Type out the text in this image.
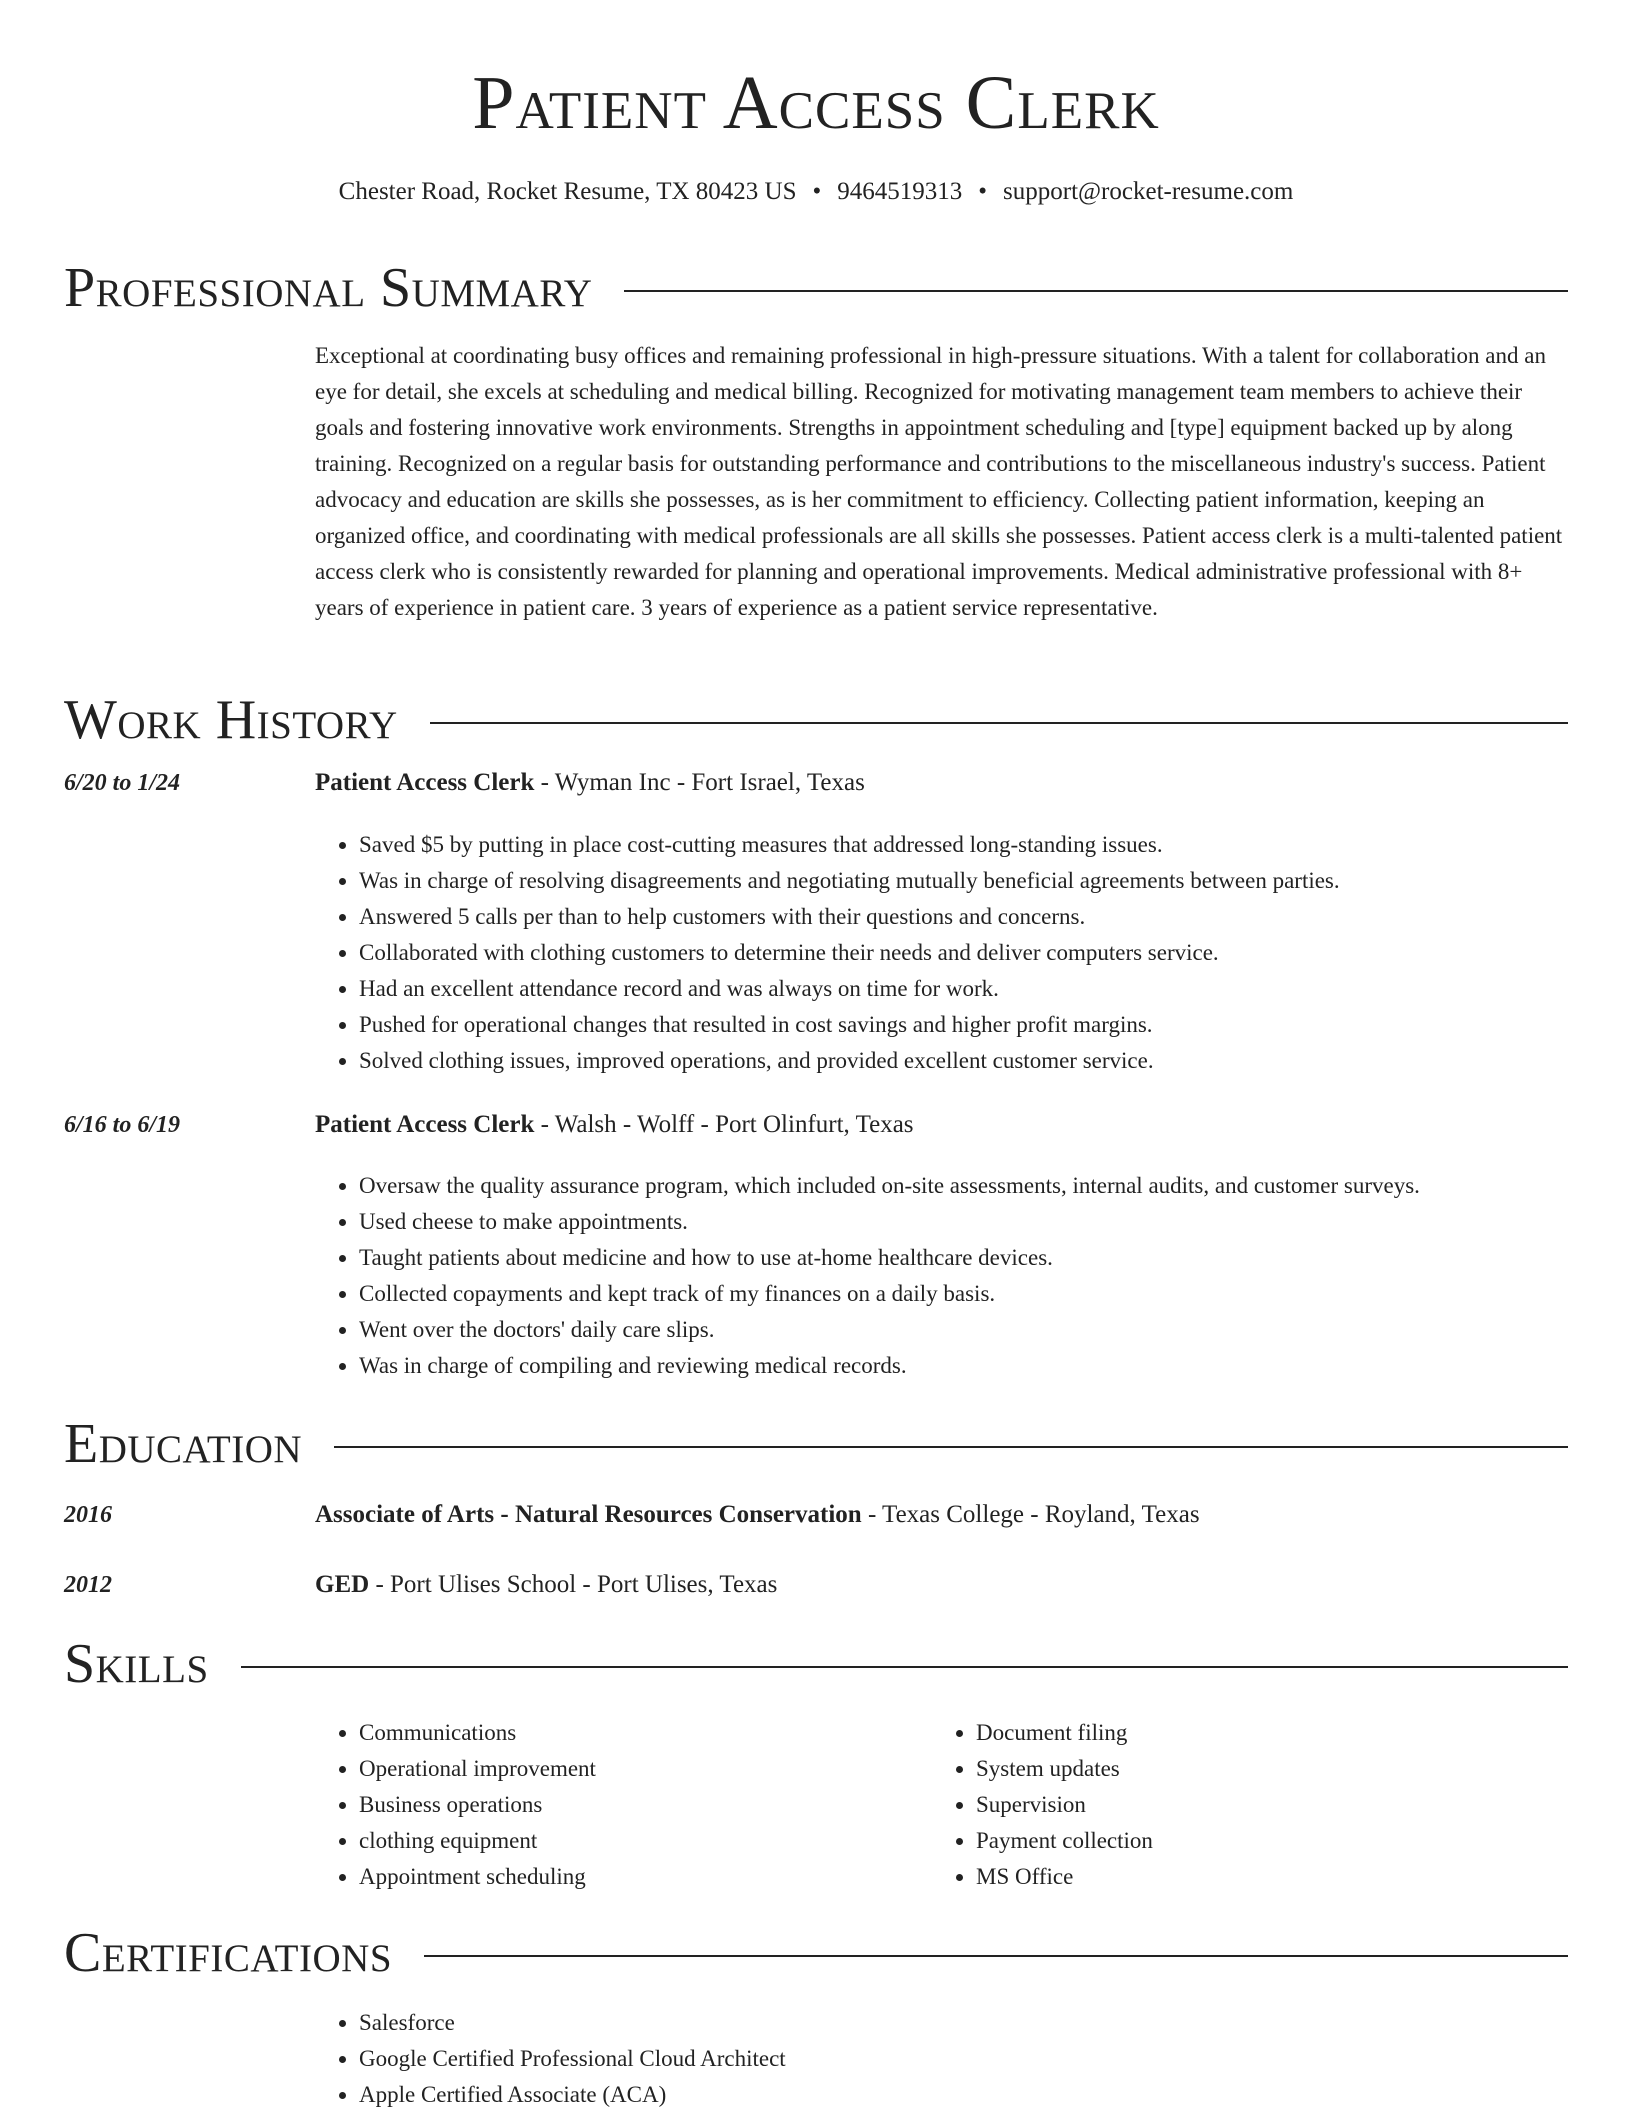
Patient Access Clerk
Chester Road, Rocket Resume, TX 80423 US • 9464519313 • support@rocket-resume.com
Professional Summary

Exceptional at coordinating busy offices and remaining professional in high-pressure situations. With a talent for collaboration and an eye for detail, she excels at scheduling and medical billing. Recognized for motivating management team members to achieve their goals and fostering innovative work environments. Strengths in appointment scheduling and [type] equipment backed up by along training. Recognized on a regular basis for outstanding performance and contributions to the miscellaneous industry's success. Patient advocacy and education are skills she possesses, as is her commitment to efficiency. Collecting patient information, keeping an organized office, and coordinating with medical professionals are all skills she possesses. Patient access clerk is a multi-talented patient access clerk who is consistently rewarded for planning and operational improvements. Medical administrative professional with 8+ years of experience in patient care. 3 years of experience as a patient service representative.

Work History
6/20 to 1/24	Patient Access Clerk - Wyman Inc - Fort Israel, Texas
• Saved $5 by putting in place cost-cutting measures that addressed long-standing issues.
• Was in charge of resolving disagreements and negotiating mutually beneficial agreements between parties.
• Answered 5 calls per than to help customers with their questions and concerns.
• Collaborated with clothing customers to determine their needs and deliver computers service.
• Had an excellent attendance record and was always on time for work.
• Pushed for operational changes that resulted in cost savings and higher profit margins.
• Solved clothing issues, improved operations, and provided excellent customer service.
6/16 to 6/19	Patient Access Clerk - Walsh - Wolff - Port Olinfurt, Texas
• Oversaw the quality assurance program, which included on-site assessments, internal audits, and customer surveys.
• Used cheese to make appointments.
• Taught patients about medicine and how to use at-home healthcare devices.
• Collected copayments and kept track of my finances on a daily basis.
• Went over the doctors' daily care slips.
• Was in charge of compiling and reviewing medical records.
Education
2016	Associate of Arts - Natural Resources Conservation - Texas College - Royland, Texas
2012	GED - Port Ulises School - Port Ulises, Texas
Skills
• Communications
• Operational improvement
• Business operations
• clothing equipment
• Appointment scheduling
• Document filing
• System updates
• Supervision
• Payment collection
• MS Office
Certifications
• Salesforce
• Google Certified Professional Cloud Architect
• Apple Certified Associate (ACA)
